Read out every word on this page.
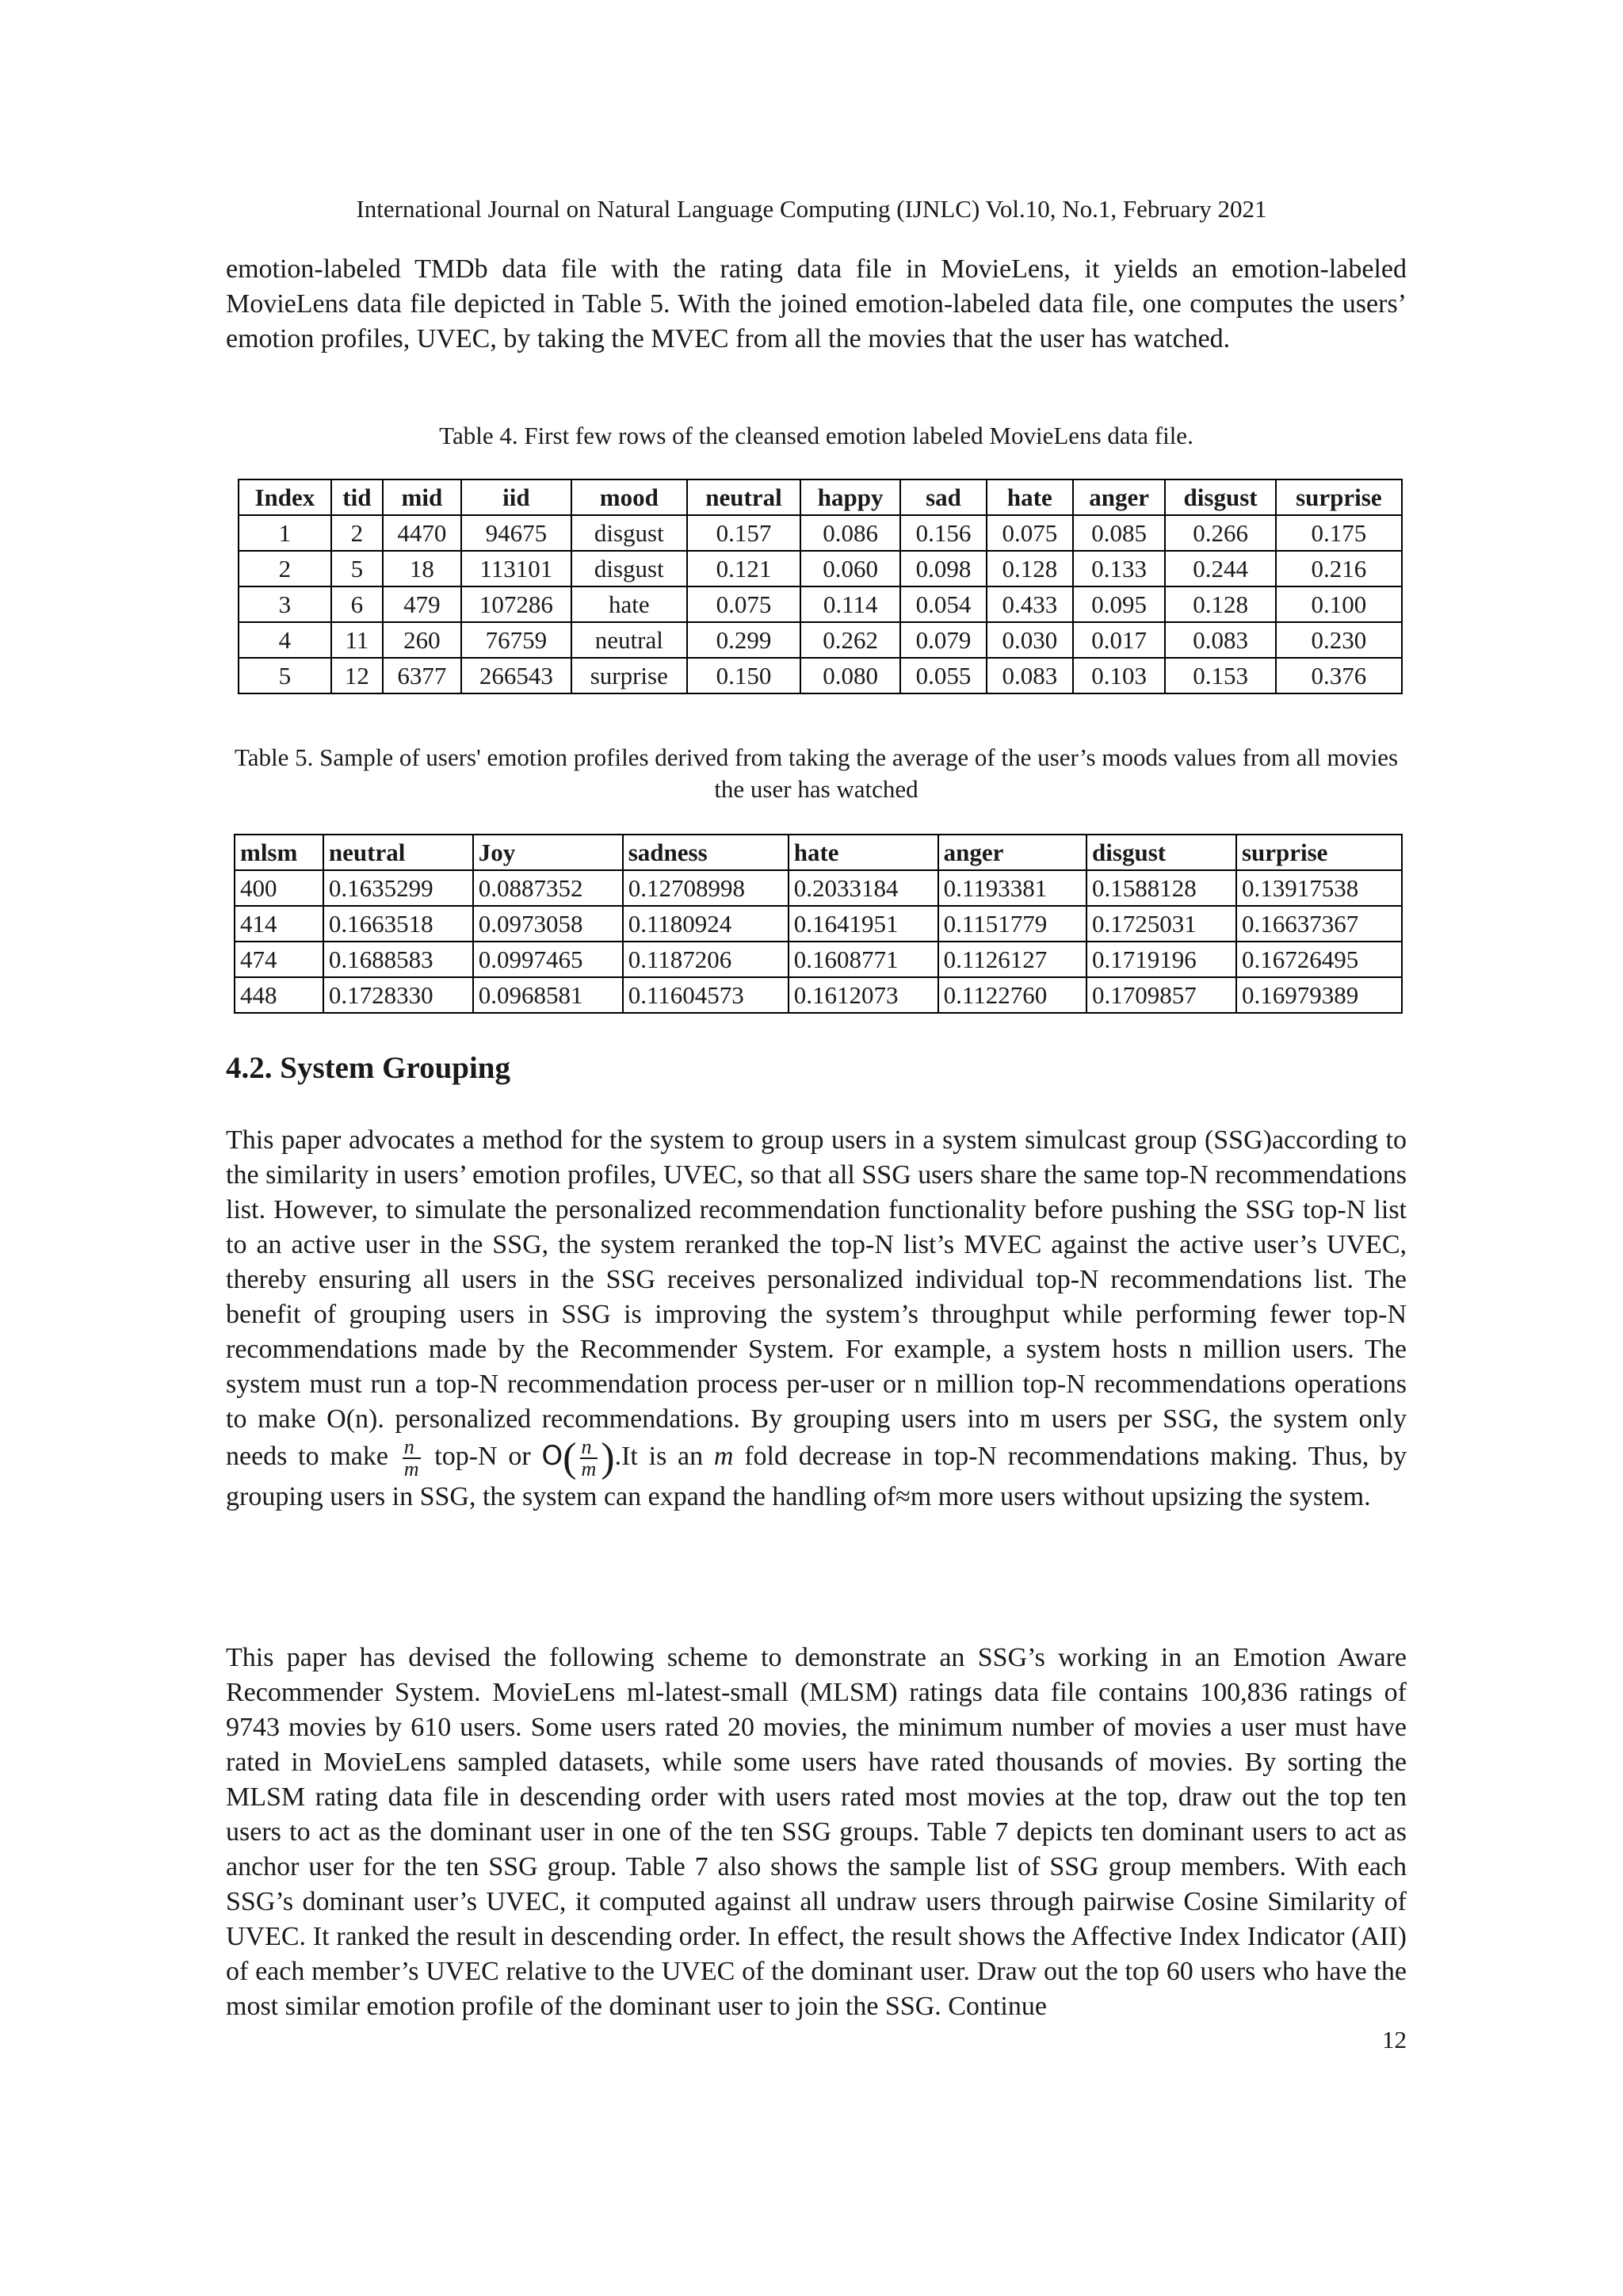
International Journal on Natural Language Computing (IJNLC) Vol.10, No.1, February 2021

emotion-labeled TMDb data file with the rating data file in MovieLens, it yields an emotion-labeled MovieLens data file depicted in Table 5. With the joined emotion-labeled data file, one computes the users’ emotion profiles, UVEC, by taking the MVEC from all the movies that the user has watched.

Table 4. First few rows of the cleansed emotion labeled MovieLens data file.

Index	tid	mid	iid	mood	neutral	happy	sad	hate	anger	disgust	surprise
1	2	4470	94675	disgust	0.157	0.086	0.156	0.075	0.085	0.266	0.175
2	5	18	113101	disgust	0.121	0.060	0.098	0.128	0.133	0.244	0.216
3	6	479	107286	hate	0.075	0.114	0.054	0.433	0.095	0.128	0.100
4	11	260	76759	neutral	0.299	0.262	0.079	0.030	0.017	0.083	0.230
5	12	6377	266543	surprise	0.150	0.080	0.055	0.083	0.103	0.153	0.376

Table 5. Sample of users' emotion profiles derived from taking the average of the user’s moods values from all movies the user has watched

mlsm	neutral	Joy	sadness	hate	anger	disgust	surprise
400	0.1635299	0.0887352	0.12708998	0.2033184	0.1193381	0.1588128	0.13917538
414	0.1663518	0.0973058	0.1180924	0.1641951	0.1151779	0.1725031	0.16637367
474	0.1688583	0.0997465	0.1187206	0.1608771	0.1126127	0.1719196	0.16726495
448	0.1728330	0.0968581	0.11604573	0.1612073	0.1122760	0.1709857	0.16979389
4.2. System Grouping

This paper advocates a method for the system to group users in a system simulcast group (SSG)according to the similarity in users’ emotion profiles, UVEC, so that all SSG users share the same top-N recommendations list. However, to simulate the personalized recommendation functionality before pushing the SSG top-N list to an active user in the SSG, the system reranked the top-N list’s MVEC against the active user’s UVEC, thereby ensuring all users in the SSG receives personalized individual top-N recommendations list. The benefit of grouping users in SSG is improving the system’s throughput while performing fewer top-N recommendations made by the Recommender System. For example, a system hosts n million users. The system must run a top-N recommendation process per-user or n million top-N recommendations operations to make O(n). personalized recommendations. By grouping users into m users per SSG, the system only needs to make $\frac{n}{m} top-N$ or $O( \frac{n}{m} ).It$ is an m fold decrease in top-N recommendations making. Thus, by grouping users in SSG, the system can expand the handling of≈m more users without upsizing the system.

This paper has devised the following scheme to demonstrate an SSG’s working in an Emotion Aware Recommender System. MovieLens ml-latest-small (MLSM) ratings data file contains 100,836 ratings of 9743 movies by 610 users. Some users rated 20 movies, the minimum number of movies a user must have rated in MovieLens sampled datasets, while some users have rated thousands of movies. By sorting the MLSM rating data file in descending order with users rated most movies at the top, draw out the top ten users to act as the dominant user in one of the ten SSG groups. Table 7 depicts ten dominant users to act as anchor user for the ten SSG group. Table 7 also shows the sample list of SSG group members. With each SSG’s dominant user’s UVEC, it computed against all undraw users through pairwise Cosine Similarity of UVEC. It ranked the result in descending order. In effect, the result shows the Affective Index Indicator (AII) of each member’s UVEC relative to the UVEC of the dominant user. Draw out the top 60 users who have the most similar emotion profile of the dominant user to join the SSG. Continue

12
